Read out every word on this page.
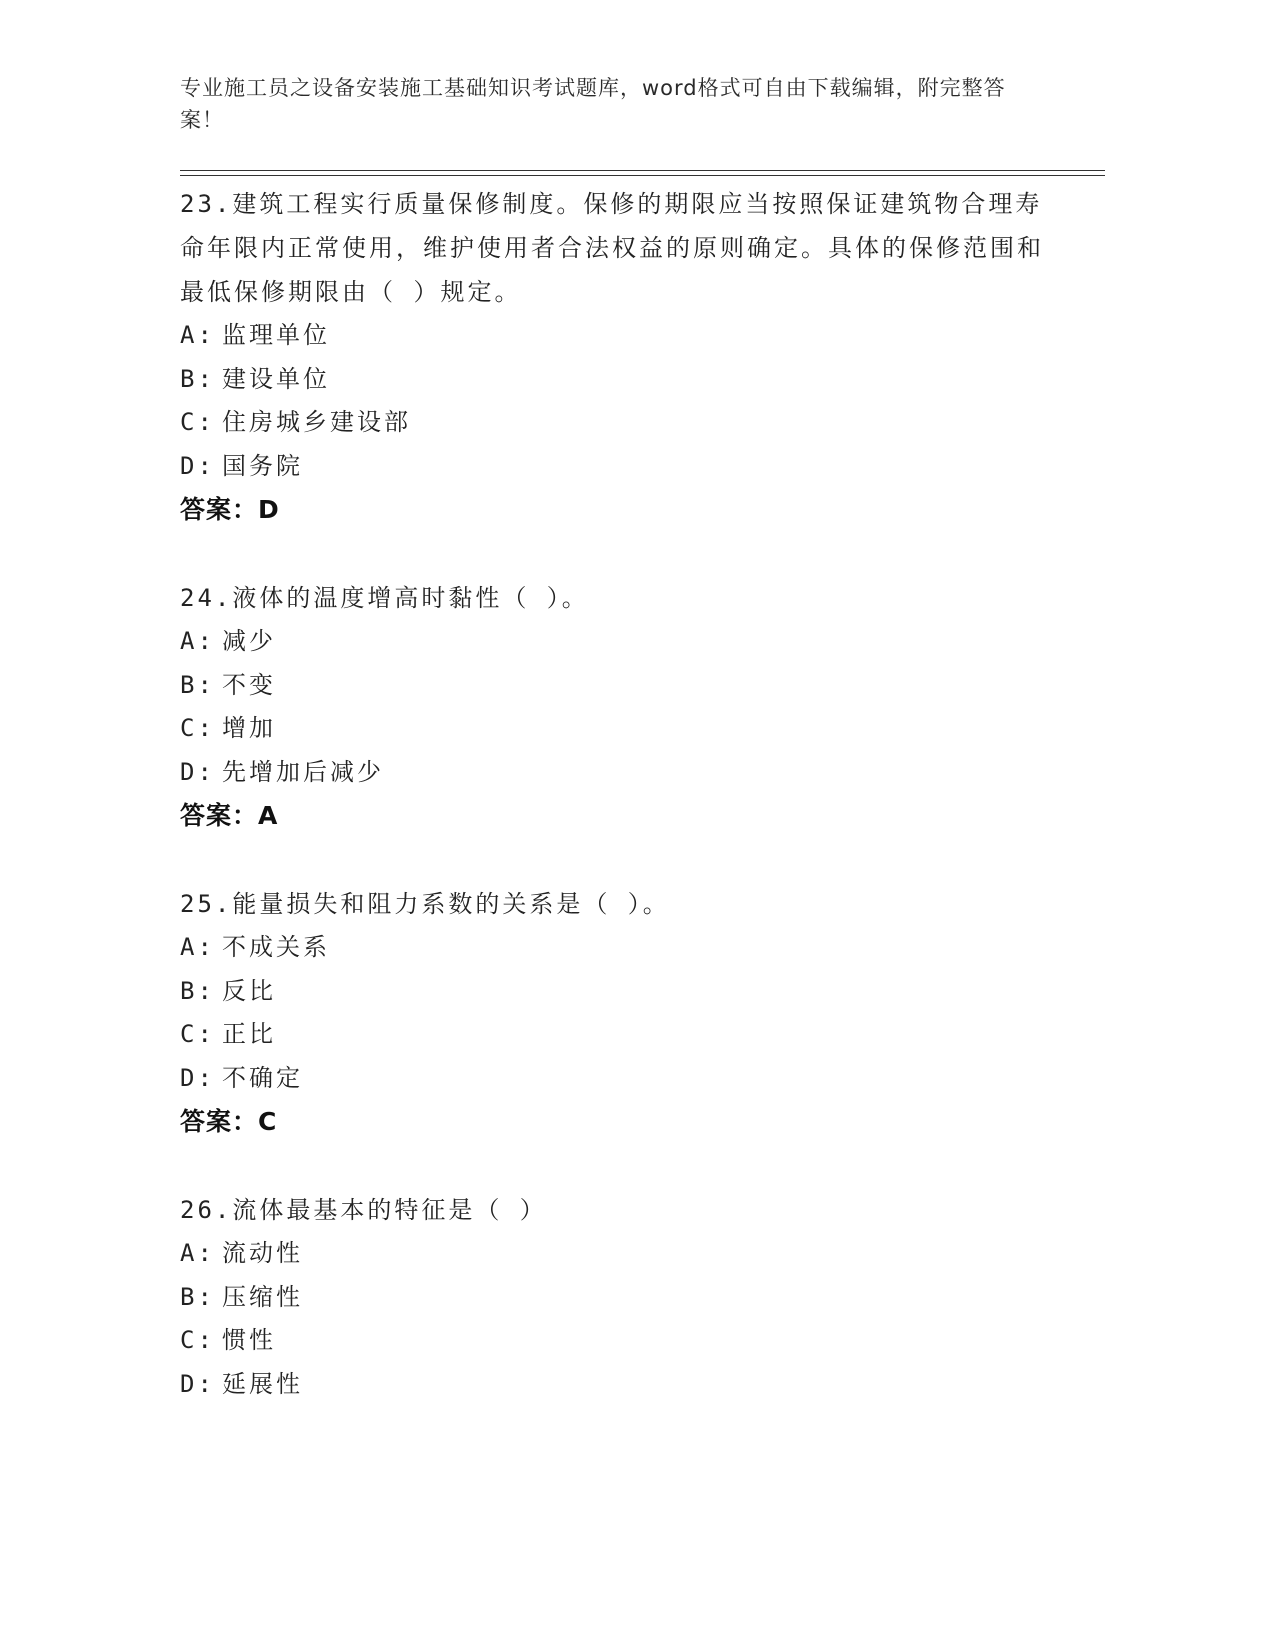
专业施工员之设备安装施工基础知识考试题库，word格式可自由下载编辑，附完整答案！

23.建筑工程实行质量保修制度。保修的期限应当按照保证建筑物合理寿命年限内正常使用，维护使用者合法权益的原则确定。具体的保修范围和最低保修期限由（ ）规定。

A: 监理单位

B: 建设单位

C: 住房城乡建设部

D: 国务院

答案：D

24.液体的温度增高时黏性（ ）。

A: 减少

B: 不变

C: 增加

D: 先增加后减少

答案：A

25.能量损失和阻力系数的关系是（ ）。

A: 不成关系

B: 反比

C: 正比

D: 不确定

答案：C

26.流体最基本的特征是（ ）

A: 流动性

B: 压缩性

C: 惯性

D: 延展性
